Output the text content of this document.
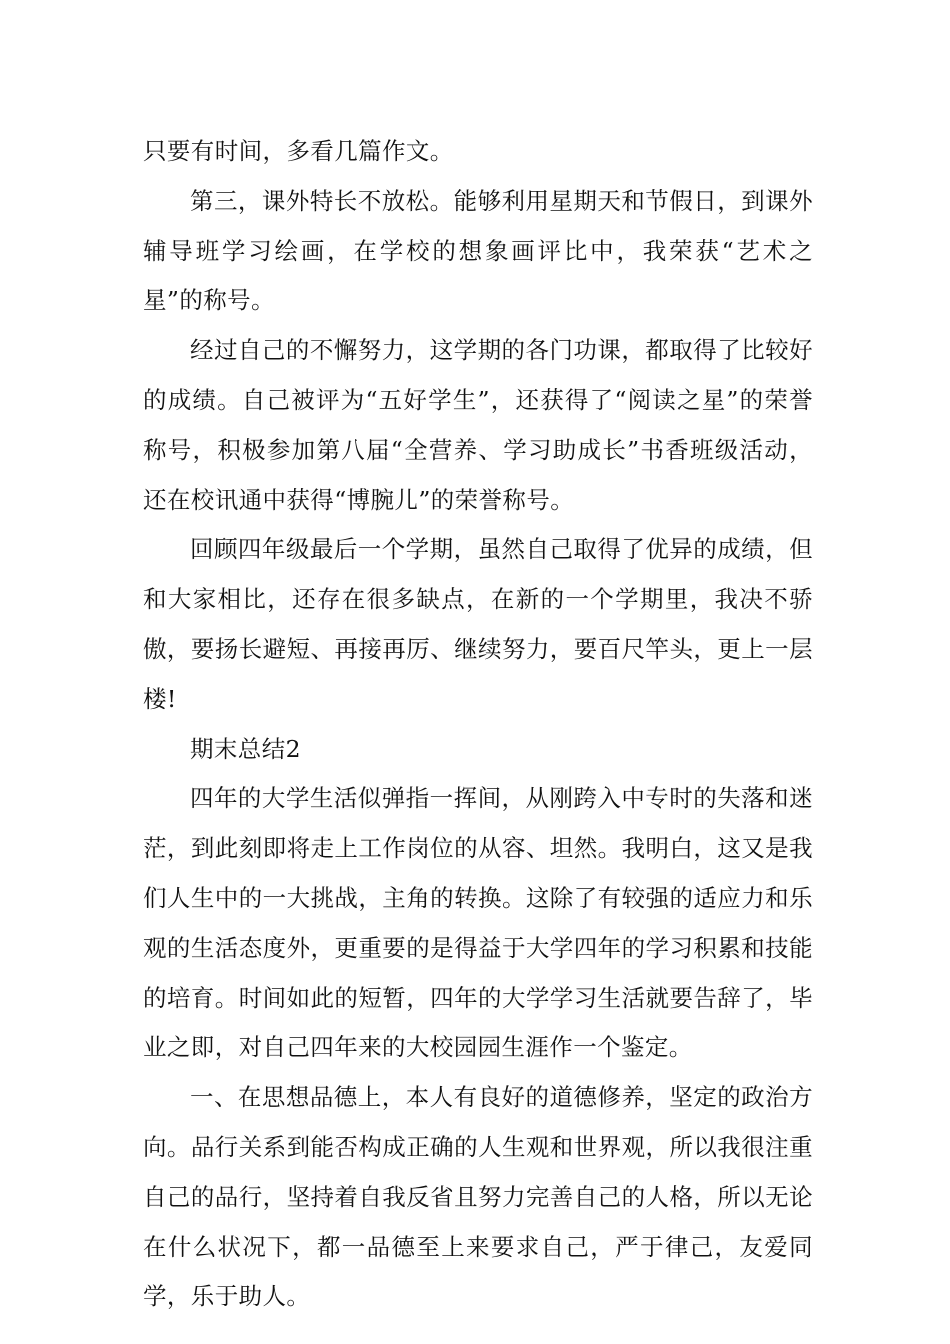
只要有时间，多看几篇作文。

第三，课外特长不放松。能够利用星期天和节假日，到课外辅导班学习绘画，在学校的想象画评比中，我荣获“艺术之星”的称号。

经过自己的不懈努力，这学期的各门功课，都取得了比较好的成绩。自己被评为“五好学生”，还获得了“阅读之星”的荣誉称号，积极参加第八届“全营养、学习助成长”书香班级活动，还在校讯通中获得“博腕儿”的荣誉称号。

回顾四年级最后一个学期，虽然自己取得了优异的成绩，但和大家相比，还存在很多缺点，在新的一个学期里，我决不骄傲，要扬长避短、再接再厉、继续努力，要百尺竿头，更上一层楼!

期末总结2

四年的大学生活似弹指一挥间，从刚跨入中专时的失落和迷茫，到此刻即将走上工作岗位的从容、坦然。我明白，这又是我们人生中的一大挑战，主角的转换。这除了有较强的适应力和乐观的生活态度外，更重要的是得益于大学四年的学习积累和技能的培育。时间如此的短暂，四年的大学学习生活就要告辞了，毕业之即，对自己四年来的大校园园生涯作一个鉴定。

一、在思想品德上，本人有良好的道德修养，坚定的政治方向。品行关系到能否构成正确的人生观和世界观，所以我很注重自己的品行，坚持着自我反省且努力完善自己的人格，所以无论在什么状况下，都一品德至上来要求自己，严于律己，友爱同学，乐于助人。
